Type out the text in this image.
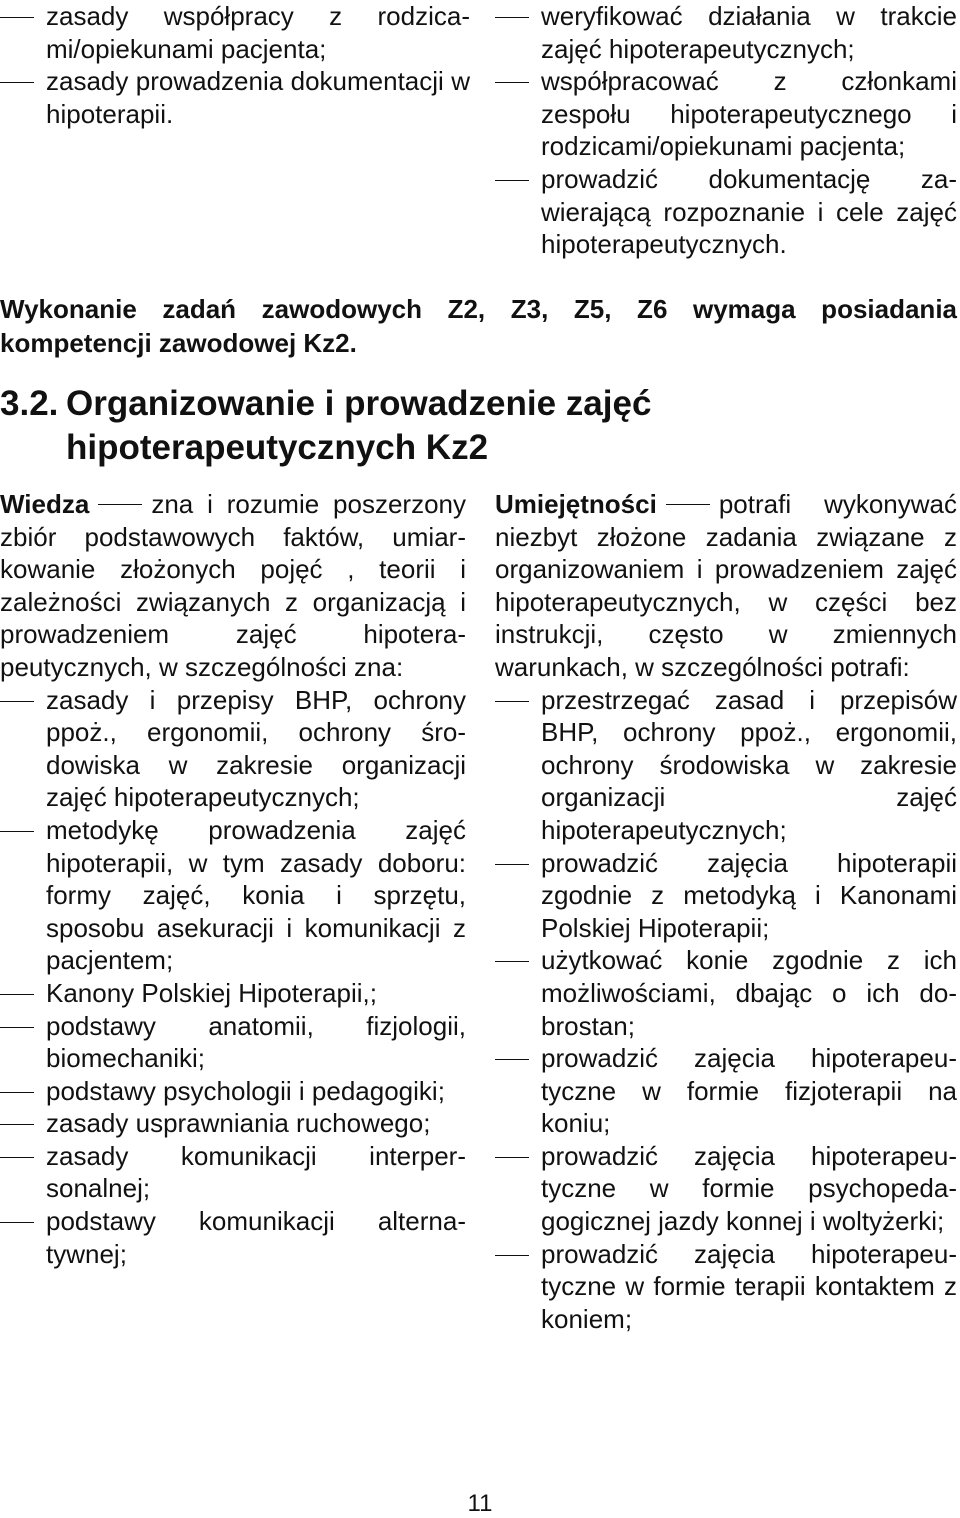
zasady współpracy z rodzicami/opiekunami pacjenta;
zasady prowadzenia dokumentacji w hipoterapii.
weryfikować działania w trakcie zajęć hipoterapeutycznych;
współpracować z członkami zespołu hipoterapeutycznego i rodzicami/opiekunami pacjenta;
prowadzić dokumentację zawierającą rozpoznanie i cele zajęć hipoterapeutycznych.

Wykonanie zadań zawodowych Z2, Z3, Z5, Z6 wymaga posiadania kompetencji zawodowej Kz2.

3.2. Organizowanie i prowadzenie zajęć
hipoterapeutycznych Kz2

Wiedza zna i rozumie poszerzony zbiór podstawowych faktów, umiarkowanie złożonych pojęć , teorii i zależności związanych z organizacją i prowadzeniem zajęć hipoterapeutycznych, w szczególności zna:

zasady i przepisy BHP, ochrony ppoż., ergonomii, ochrony środowiska w zakresie organizacji zajęć hipoterapeutycznych;
metodykę prowadzenia zajęć hipoterapii, w tym zasady doboru: formy zajęć, konia i sprzętu, sposobu asekuracji i komunikacji z pacjentem;
Kanony Polskiej Hipoterapii,;
podstawy anatomii, fizjologii, biomechaniki;
podstawy psychologii i pedagogiki;
zasady usprawniania ruchowego;
zasady komunikacji interpersonalnej;
podstawy komunikacji alternatywnej;

Umiejętności potrafi wykonywać niezbyt złożone zadania związane z organizowaniem i prowadzeniem zajęć hipoterapeutycznych, w części bez instrukcji, często w zmiennych warunkach, w szczególności potrafi:

przestrzegać zasad i przepisów BHP, ochrony ppoż., ergonomii, ochrony środowiska w zakresie organizacji zajęć hipoterapeutycznych;
prowadzić zajęcia hipoterapii zgodnie z metodyką i Kanonami Polskiej Hipoterapii;
użytkować konie zgodnie z ich możliwościami, dbając o ich dobrostan;
prowadzić zajęcia hipoterapeutyczne w formie fizjoterapii na koniu;
prowadzić zajęcia hipoterapeutyczne w formie psychopedagogicznej jazdy konnej i woltyżerki;
prowadzić zajęcia hipoterapeutyczne w formie terapii kontaktem z koniem;
11
